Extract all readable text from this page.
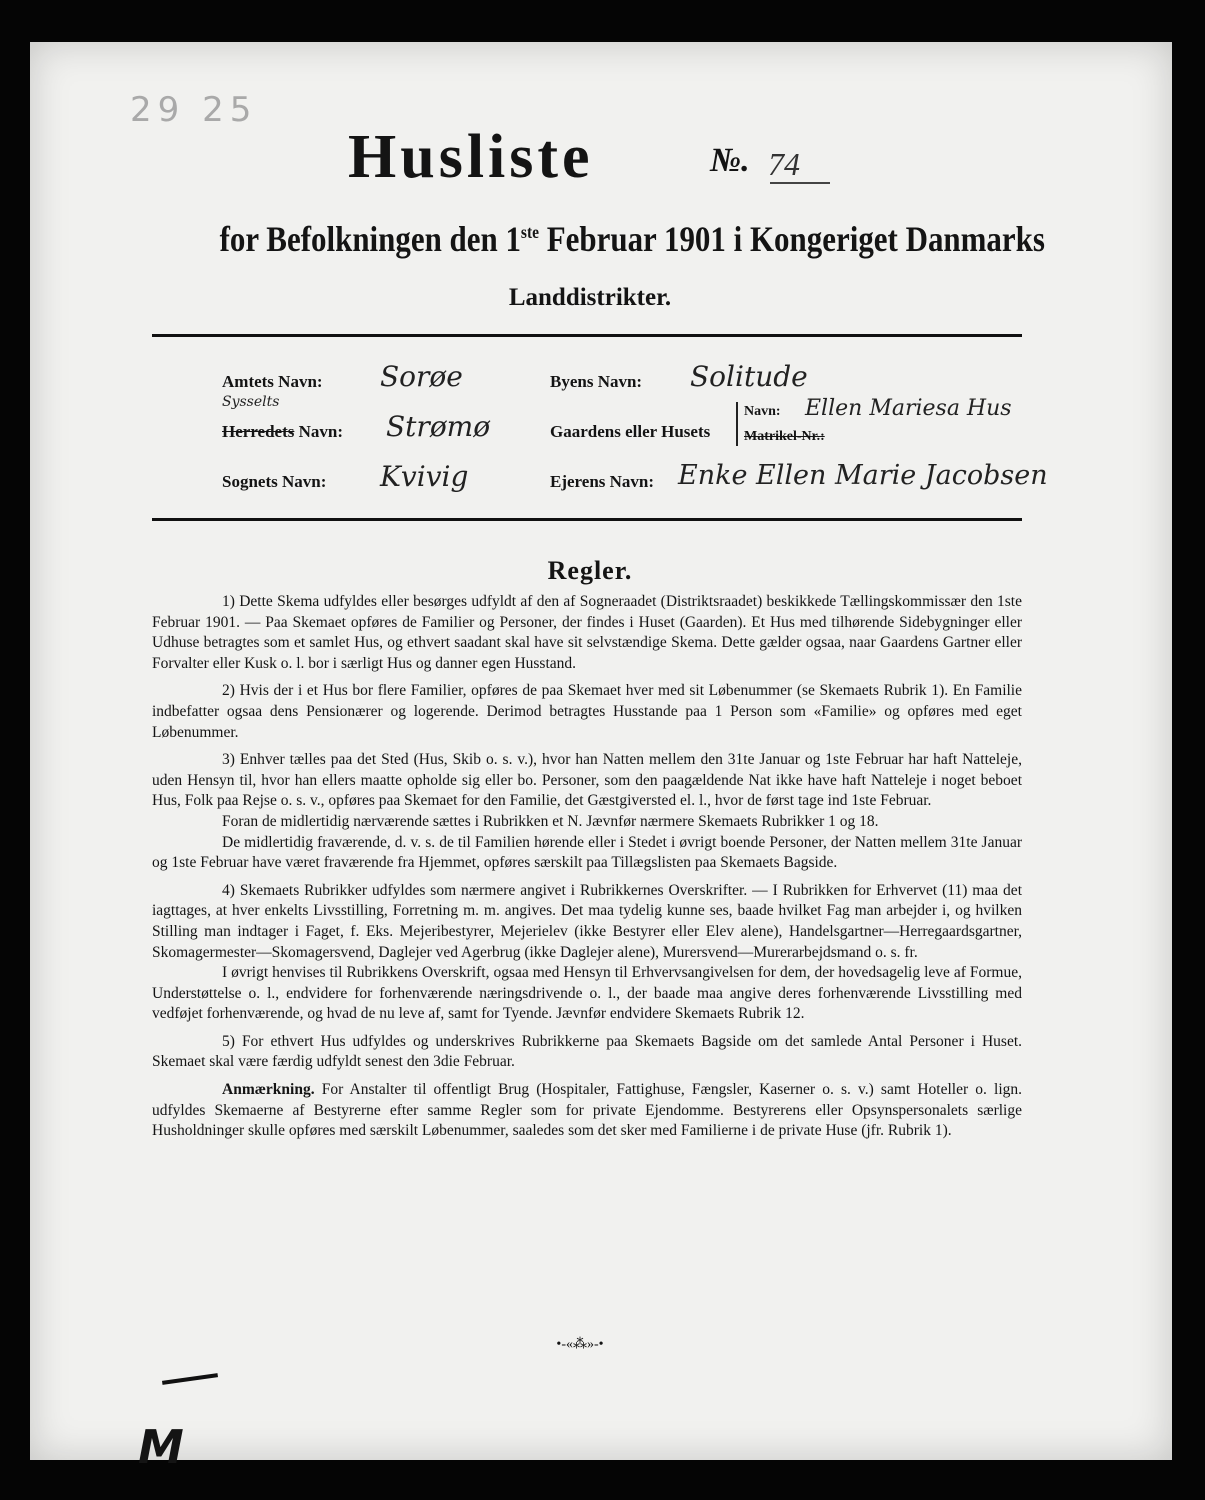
29 25
Husliste	№. 74
for Befolkningen den 1ste Februar 1901 i Kongeriget Danmarks
Landdistrikter.
Amtets Navn: Sorøe
Sysselts
Herredets Navn: Strømø
Sognets Navn: Kvivig
Byens Navn: Solitude
Gaardens eller Husets
Navn: Ellen Mariesa Hus
Matrikel-Nr.:
Ejerens Navn: Enke Ellen Marie Jacobsen
Regler.

1) Dette Skema udfyldes eller besørges udfyldt af den af Sogneraadet (Distriktsraadet) beskikkede Tællingskommissær den 1ste Februar 1901. — Paa Skemaet opføres de Familier og Personer, der findes i Huset (Gaarden). Et Hus med tilhørende Sidebygninger eller Udhuse betragtes som et samlet Hus, og ethvert saadant skal have sit selvstændige Skema. Dette gælder ogsaa, naar Gaardens Gartner eller Forvalter eller Kusk o. l. bor i særligt Hus og danner egen Husstand.

2) Hvis der i et Hus bor flere Familier, opføres de paa Skemaet hver med sit Løbenummer (se Skemaets Rubrik 1). En Familie indbefatter ogsaa dens Pensionærer og logerende. Derimod betragtes Husstande paa 1 Person som «Familie» og opføres med eget Løbenummer.

3) Enhver tælles paa det Sted (Hus, Skib o. s. v.), hvor han Natten mellem den 31te Januar og 1ste Februar har haft Natteleje, uden Hensyn til, hvor han ellers maatte opholde sig eller bo. Personer, som den paagældende Nat ikke have haft Natteleje i noget beboet Hus, Folk paa Rejse o. s. v., opføres paa Skemaet for den Familie, det Gæstgiversted el. l., hvor de først tage ind 1ste Februar.

Foran de midlertidig nærværende sættes i Rubrikken et N. Jævnfør nærmere Skemaets Rubrikker 1 og 18.

De midlertidig fraværende, d. v. s. de til Familien hørende eller i Stedet i øvrigt boende Personer, der Natten mellem 31te Januar og 1ste Februar have været fraværende fra Hjemmet, opføres særskilt paa Tillægslisten paa Skemaets Bagside.

4) Skemaets Rubrikker udfyldes som nærmere angivet i Rubrikkernes Overskrifter. — I Rubrikken for Erhvervet (11) maa det iagttages, at hver enkelts Livsstilling, Forretning m. m. angives. Det maa tydelig kunne ses, baade hvilket Fag man arbejder i, og hvilken Stilling man indtager i Faget, f. Eks. Mejeribestyrer, Mejerielev (ikke Bestyrer eller Elev alene), Handelsgartner—Herregaardsgartner, Skomagermester—Skomagersvend, Daglejer ved Agerbrug (ikke Daglejer alene), Murersvend—Murerarbejdsmand o. s. fr.

I øvrigt henvises til Rubrikkens Overskrift, ogsaa med Hensyn til Erhvervsangivelsen for dem, der hovedsagelig leve af Formue, Understøttelse o. l., endvidere for forhenværende næringsdrivende o. l., der baade maa angive deres forhenværende Livsstilling med vedføjet forhenværende, og hvad de nu leve af, samt for Tyende. Jævnfør endvidere Skemaets Rubrik 12.

5) For ethvert Hus udfyldes og underskrives Rubrikkerne paa Skemaets Bagside om det samlede Antal Personer i Huset. Skemaet skal være færdig udfyldt senest den 3die Februar.

Anmærkning. For Anstalter til offentligt Brug (Hospitaler, Fattighuse, Fængsler, Kaserner o. s. v.) samt Hoteller o. lign. udfyldes Skemaerne af Bestyrerne efter samme Regler som for private Ejendomme. Bestyrerens eller Opsynspersonalets særlige Husholdninger skulle opføres med særskilt Løbenummer, saaledes som det sker med Familierne i de private Huse (jfr. Rubrik 1).

•-«⁂»-•
M
